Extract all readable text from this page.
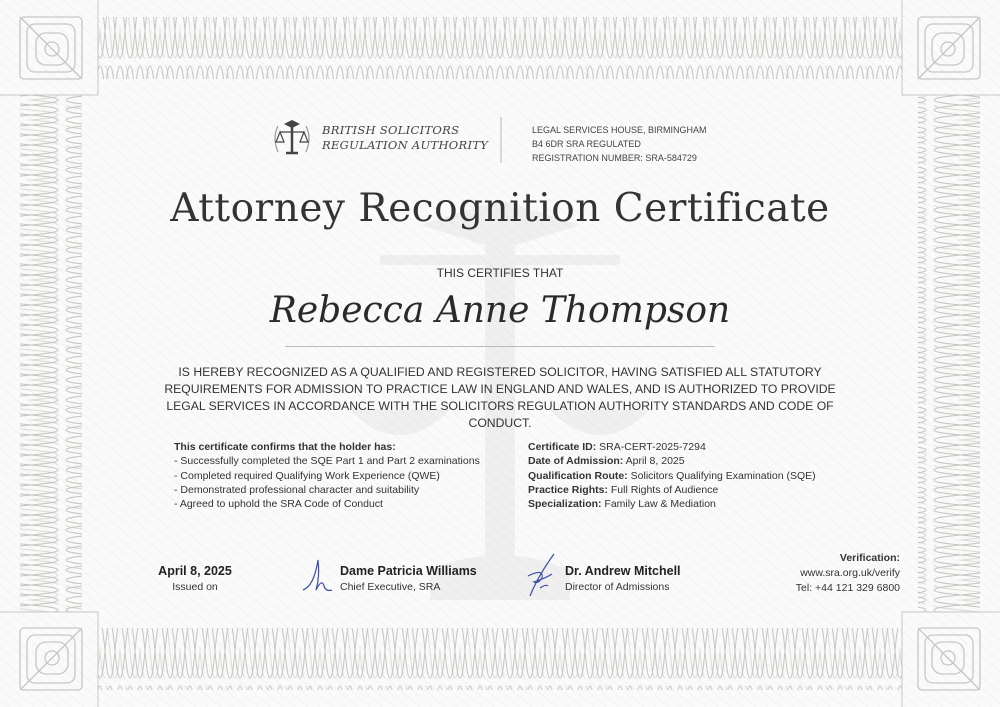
BRITISH SOLICITORS
REGULATION AUTHORITY
LEGAL SERVICES HOUSE, BIRMINGHAM
B4 6DR SRA REGULATED
REGISTRATION NUMBER: SRA-584729
Attorney Recognition Certificate
THIS CERTIFIES THAT
Rebecca Anne Thompson
IS HEREBY RECOGNIZED AS A QUALIFIED AND REGISTERED SOLICITOR, HAVING SATISFIED ALL STATUTORY REQUIREMENTS FOR ADMISSION TO PRACTICE LAW IN ENGLAND AND WALES, AND IS AUTHORIZED TO PROVIDE LEGAL SERVICES IN ACCORDANCE WITH THE SOLICITORS REGULATION AUTHORITY STANDARDS AND CODE OF CONDUCT.
This certificate confirms that the holder has:
- Successfully completed the SQE Part 1 and Part 2 examinations
- Completed required Qualifying Work Experience (QWE)
- Demonstrated professional character and suitability
- Agreed to uphold the SRA Code of Conduct
Certificate ID: SRA-CERT-2025-7294
Date of Admission: April 8, 2025
Qualification Route: Solicitors Qualifying Examination (SQE)
Practice Rights: Full Rights of Audience
Specialization: Family Law & Mediation
April 8, 2025
Issued on
Dame Patricia Williams
Chief Executive, SRA
Dr. Andrew Mitchell
Director of Admissions
Verification:
www.sra.org.uk/verify
Tel: +44 121 329 6800
